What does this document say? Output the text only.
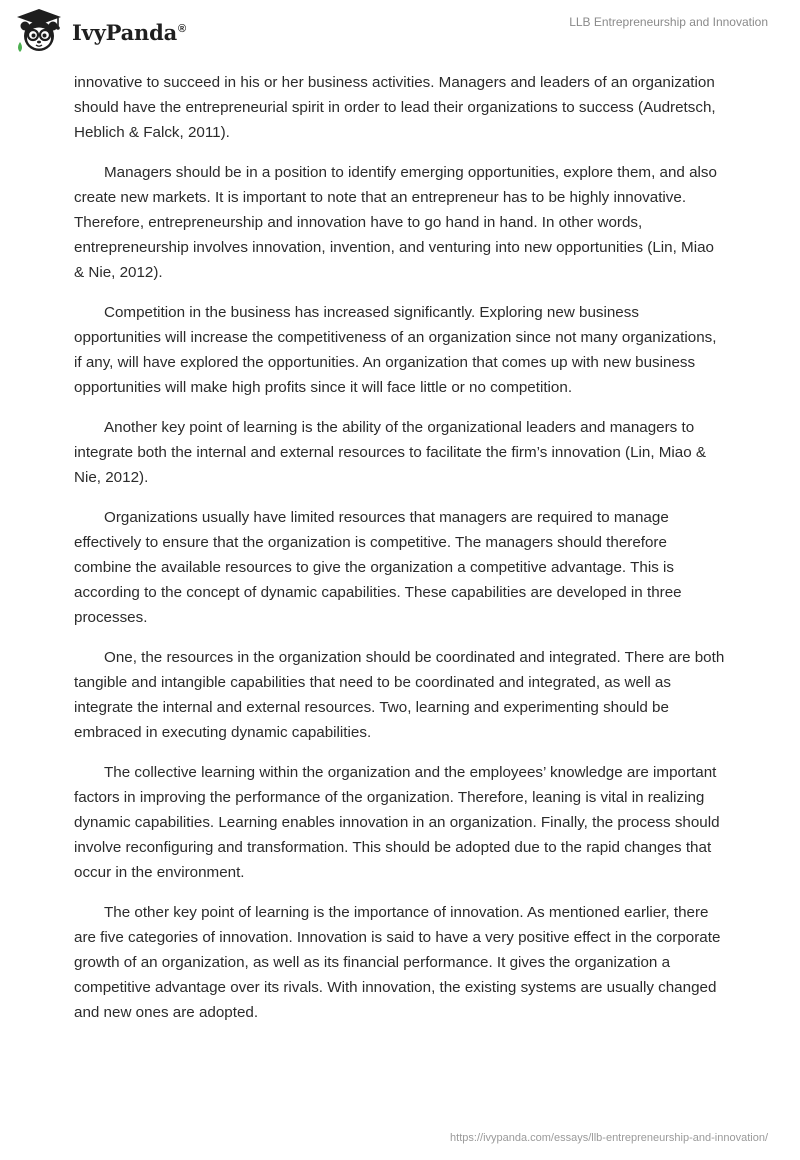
IvyPanda®	LLB Entrepreneurship and Innovation

innovative to succeed in his or her business activities. Managers and leaders of an organization should have the entrepreneurial spirit in order to lead their organizations to success (Audretsch, Heblich & Falck, 2011).

Managers should be in a position to identify emerging opportunities, explore them, and also create new markets. It is important to note that an entrepreneur has to be highly innovative. Therefore, entrepreneurship and innovation have to go hand in hand. In other words, entrepreneurship involves innovation, invention, and venturing into new opportunities (Lin, Miao & Nie, 2012).

Competition in the business has increased significantly. Exploring new business opportunities will increase the competitiveness of an organization since not many organizations, if any, will have explored the opportunities. An organization that comes up with new business opportunities will make high profits since it will face little or no competition.

Another key point of learning is the ability of the organizational leaders and managers to integrate both the internal and external resources to facilitate the firm’s innovation (Lin, Miao & Nie, 2012).

Organizations usually have limited resources that managers are required to manage effectively to ensure that the organization is competitive. The managers should therefore combine the available resources to give the organization a competitive advantage. This is according to the concept of dynamic capabilities. These capabilities are developed in three processes.

One, the resources in the organization should be coordinated and integrated. There are both tangible and intangible capabilities that need to be coordinated and integrated, as well as integrate the internal and external resources. Two, learning and experimenting should be embraced in executing dynamic capabilities.

The collective learning within the organization and the employees’ knowledge are important factors in improving the performance of the organization. Therefore, leaning is vital in realizing dynamic capabilities. Learning enables innovation in an organization. Finally, the process should involve reconfiguring and transformation. This should be adopted due to the rapid changes that occur in the environment.

The other key point of learning is the importance of innovation. As mentioned earlier, there are five categories of innovation. Innovation is said to have a very positive effect in the corporate growth of an organization, as well as its financial performance. It gives the organization a competitive advantage over its rivals. With innovation, the existing systems are usually changed and new ones are adopted.

https://ivypanda.com/essays/llb-entrepreneurship-and-innovation/
